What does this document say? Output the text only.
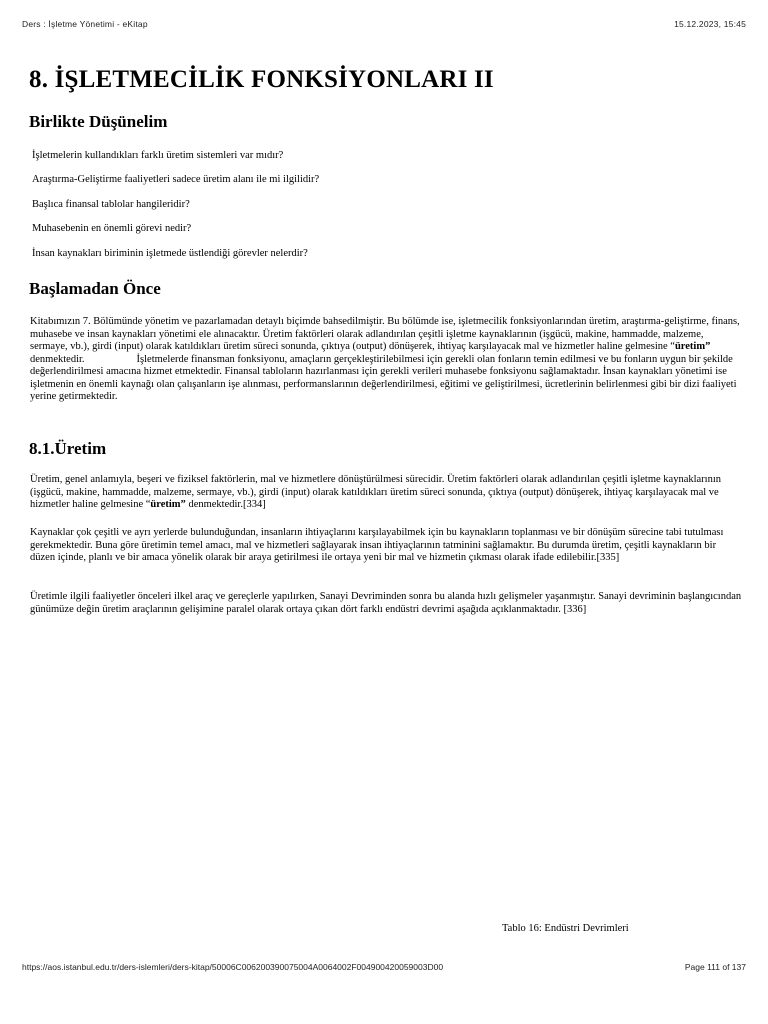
Ders : İşletme Yönetimi - eKitap	15.12.2023, 15:45
8. İŞLETMECİLİK FONKSİYONLARI II
Birlikte Düşünelim

İşletmelerin kullandıkları farklı üretim sistemleri var mıdır?

Araştırma-Geliştirme faaliyetleri sadece üretim alanı ile mi ilgilidir?

Başlıca finansal tablolar hangileridir?

Muhasebenin en önemli görevi nedir?

İnsan kaynakları biriminin işletmede üstlendiği görevler nelerdir?

Başlamadan Önce

Kitabımızın 7. Bölümünde yönetim ve pazarlamadan detaylı biçimde bahsedilmiştir. Bu bölümde ise, işletmecilik fonksiyonlarından üretim, araştırma-geliştirme, finans, muhasebe ve insan kaynakları yönetimi ele alınacaktır. Üretim faktörleri olarak adlandırılan çeşitli işletme kaynaklarının (işgücü, makine, hammadde, malzeme, sermaye, vb.), girdi (input) olarak katıldıkları üretim süreci sonunda, çıktıya (output) dönüşerek, ihtiyaç karşılayacak mal ve hizmetler haline gelmesine “üretim” denmektedir.	İşletmelerde finansman fonksiyonu, amaçların gerçekleştirilebilmesi için gerekli olan fonların temin edilmesi ve bu fonların uygun bir şekilde değerlendirilmesi amacına hizmet etmektedir. Finansal tabloların hazırlanması için gerekli verileri muhasebe fonksiyonu sağlamaktadır. İnsan kaynakları yönetimi ise işletmenin en önemli kaynağı olan çalışanların işe alınması, performanslarının değerlendirilmesi, eğitimi ve geliştirilmesi, ücretlerinin belirlenmesi gibi bir dizi faaliyeti yerine getirmektedir.

8.1.Üretim

Üretim, genel anlamıyla, beşeri ve fiziksel faktörlerin, mal ve hizmetlere dönüştürülmesi sürecidir. Üretim faktörleri olarak adlandırılan çeşitli işletme kaynaklarının (işgücü, makine, hammadde, malzeme, sermaye, vb.), girdi (input) olarak katıldıkları üretim süreci sonunda, çıktıya (output) dönüşerek, ihtiyaç karşılayacak mal ve hizmetler haline gelmesine “üretim” denmektedir.[334]

Kaynaklar çok çeşitli ve ayrı yerlerde bulunduğundan, insanların ihtiyaçlarını karşılayabilmek için bu kaynakların toplanması ve bir dönüşüm sürecine tabi tutulması gerekmektedir. Buna göre üretimin temel amacı, mal ve hizmetleri sağlayarak insan ihtiyaçlarının tatminini sağlamaktır. Bu durumda üretim, çeşitli kaynakların bir düzen içinde, planlı ve bir amaca yönelik olarak bir araya getirilmesi ile ortaya yeni bir mal ve hizmetin çıkması olarak ifade edilebilir.[335]

Üretimle ilgili faaliyetler önceleri ilkel araç ve gereçlerle yapılırken, Sanayi Devriminden sonra bu alanda hızlı gelişmeler yaşanmıştır. Sanayi devriminin başlangıcından günümüze değin üretim araçlarının gelişimine paralel olarak ortaya çıkan dört farklı endüstri devrimi aşağıda açıklanmaktadır. [336]

Tablo 16: Endüstri Devrimleri
https://aos.istanbul.edu.tr/ders-islemleri/ders-kitap/50006C006200390075004A0064002F004900420059003D00	Page 111 of 137
